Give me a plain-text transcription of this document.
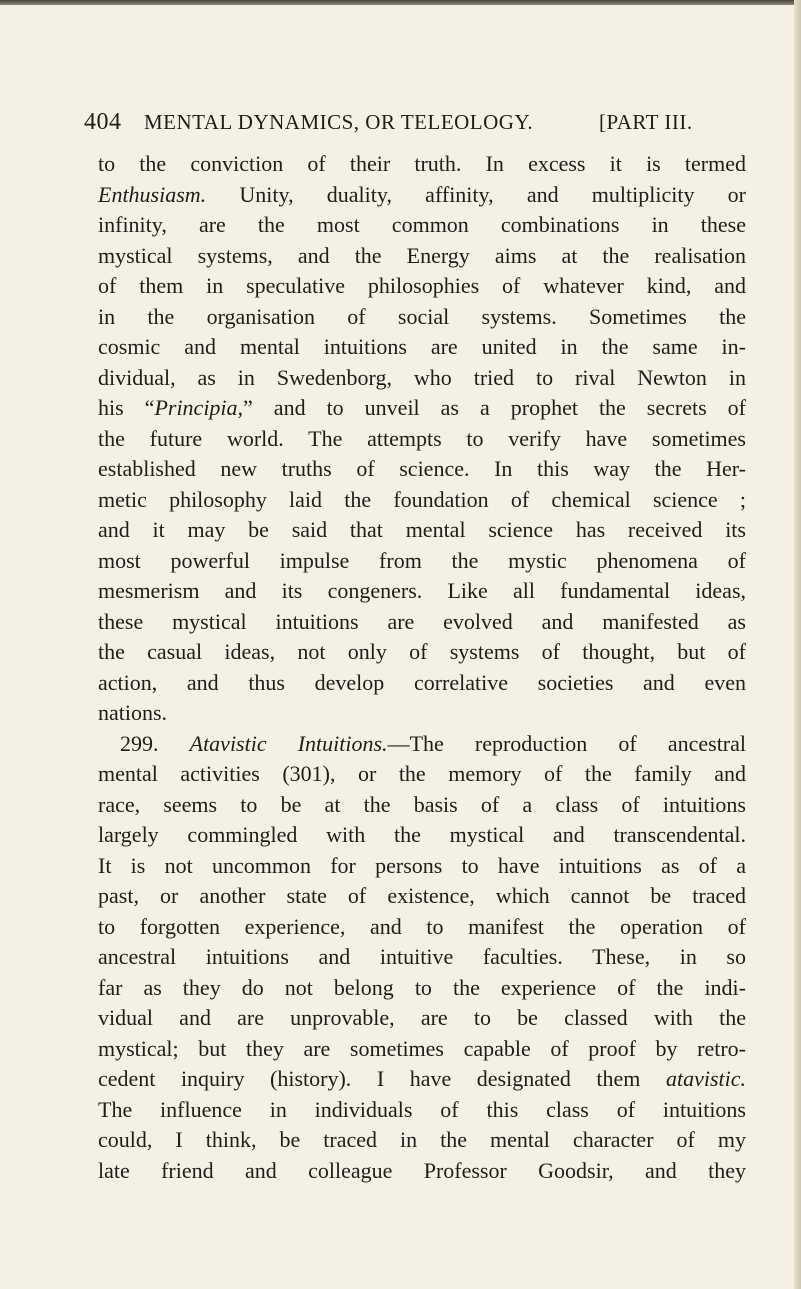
404 MENTAL DYNAMICS, OR TELEOLOGY.	[PART III.
to the conviction of their truth. In excess it is termed
Enthusiasm. Unity, duality, affinity, and multiplicity or
infinity, are the most common combinations in these
mystical systems, and the Energy aims at the realisation
of them in speculative philosophies of whatever kind, and
in the organisation of social systems. Sometimes the
cosmic and mental intuitions are united in the same in-
dividual, as in Swedenborg, who tried to rival Newton in
his “Principia,” and to unveil as a prophet the secrets of
the future world. The attempts to verify have sometimes
established new truths of science. In this way the Her-
metic philosophy laid the foundation of chemical science ;
and it may be said that mental science has received its
most powerful impulse from the mystic phenomena of
mesmerism and its congeners. Like all fundamental ideas,
these mystical intuitions are evolved and manifested as
the casual ideas, not only of systems of thought, but of
action, and thus develop correlative societies and even
nations.
299. Atavistic Intuitions.—The reproduction of ancestral
mental activities (301), or the memory of the family and
race, seems to be at the basis of a class of intuitions
largely commingled with the mystical and transcendental.
It is not uncommon for persons to have intuitions as of a
past, or another state of existence, which cannot be traced
to forgotten experience, and to manifest the operation of
ancestral intuitions and intuitive faculties. These, in so
far as they do not belong to the experience of the indi-
vidual and are unprovable, are to be classed with the
mystical; but they are sometimes capable of proof by retro-
cedent inquiry (history). I have designated them atavistic.
The influence in individuals of this class of intuitions
could, I think, be traced in the mental character of my
late friend and colleague Professor Goodsir, and they
